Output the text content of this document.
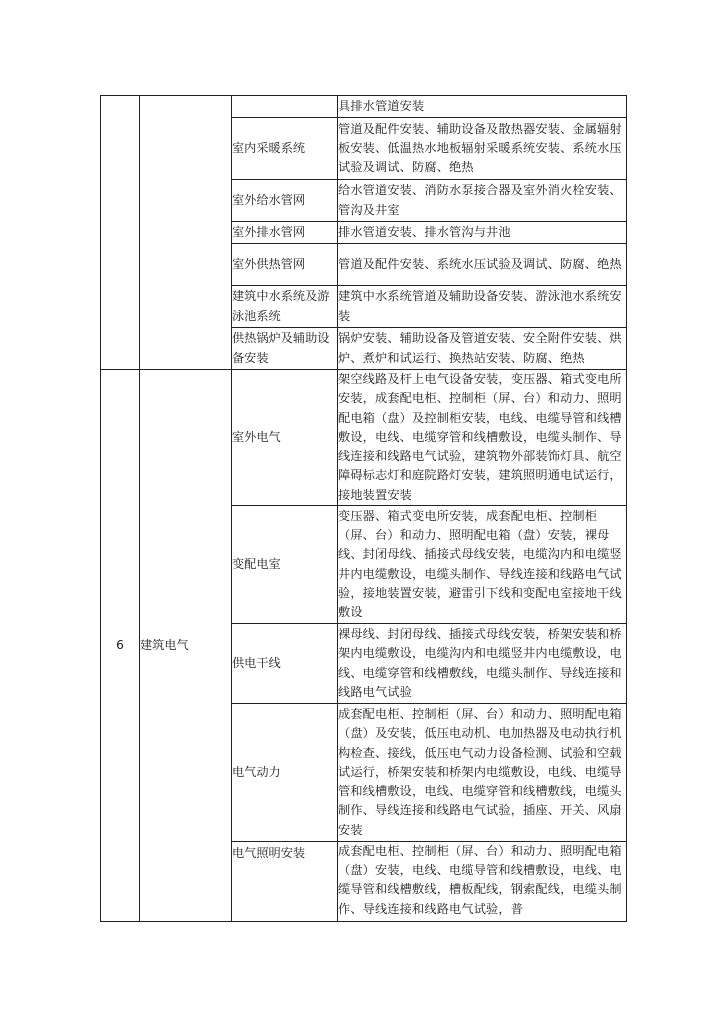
			具排水管道安装
		室内采暖系统	管道及配件安装、辅助设备及散热器安装、金属辐射板安装、低温热水地板辐射采暖系统安装、系统水压试验及调试、防腐、绝热
		室外给水管网	给水管道安装、消防水泵接合器及室外消火栓安装、管沟及井室
		室外排水管网	排水管道安装、排水管沟与井池
		室外供热管网	管道及配件安装、系统水压试验及调试、防腐、绝热
		建筑中水系统及游泳池系统	建筑中水系统管道及辅助设备安装、游泳池水系统安装
		供热锅炉及辅助设备安装	锅炉安装、辅助设备及管道安装、安全附件安装、烘炉、煮炉和试运行、换热站安装、防腐、绝热
6	建筑电气	室外电气	架空线路及杆上电气设备安装，变压器、箱式变电所安装，成套配电柜、控制柜（屏、台）和动力、照明配电箱（盘）及控制柜安装，电线、电缆导管和线槽敷设，电线、电缆穿管和线槽敷设，电缆头制作、导线连接和线路电气试验，建筑物外部装饰灯具、航空障碍标志灯和庭院路灯安装，建筑照明通电试运行，接地装置安装
		变配电室	变压器、箱式变电所安装，成套配电柜、控制柜（屏、台）和动力、照明配电箱（盘）安装，裸母线、封闭母线、插接式母线安装，电缆沟内和电缆竖井内电缆敷设，电缆头制作、导线连接和线路电气试验，接地装置安装，避雷引下线和变配电室接地干线敷设
		供电干线	裸母线、封闭母线、插接式母线安装，桥架安装和桥架内电缆敷设，电缆沟内和电缆竖井内电缆敷设，电线、电缆穿管和线槽敷线，电缆头制作、导线连接和线路电气试验
		电气动力	成套配电柜、控制柜（屏、台）和动力、照明配电箱（盘）及安装，低压电动机、电加热器及电动执行机构检查、接线，低压电气动力设备检测、试验和空载试运行，桥架安装和桥架内电缆敷设，电线、电缆导管和线槽敷设，电线、电缆穿管和线槽敷线，电缆头制作、导线连接和线路电气试验，插座、开关、风扇安装
		电气照明安装	成套配电柜、控制柜（屏、台）和动力、照明配电箱（盘）安装，电线、电缆导管和线槽敷设，电线、电缆导管和线槽敷线，槽板配线，钢索配线，电缆头制作、导线连接和线路电气试验，普
